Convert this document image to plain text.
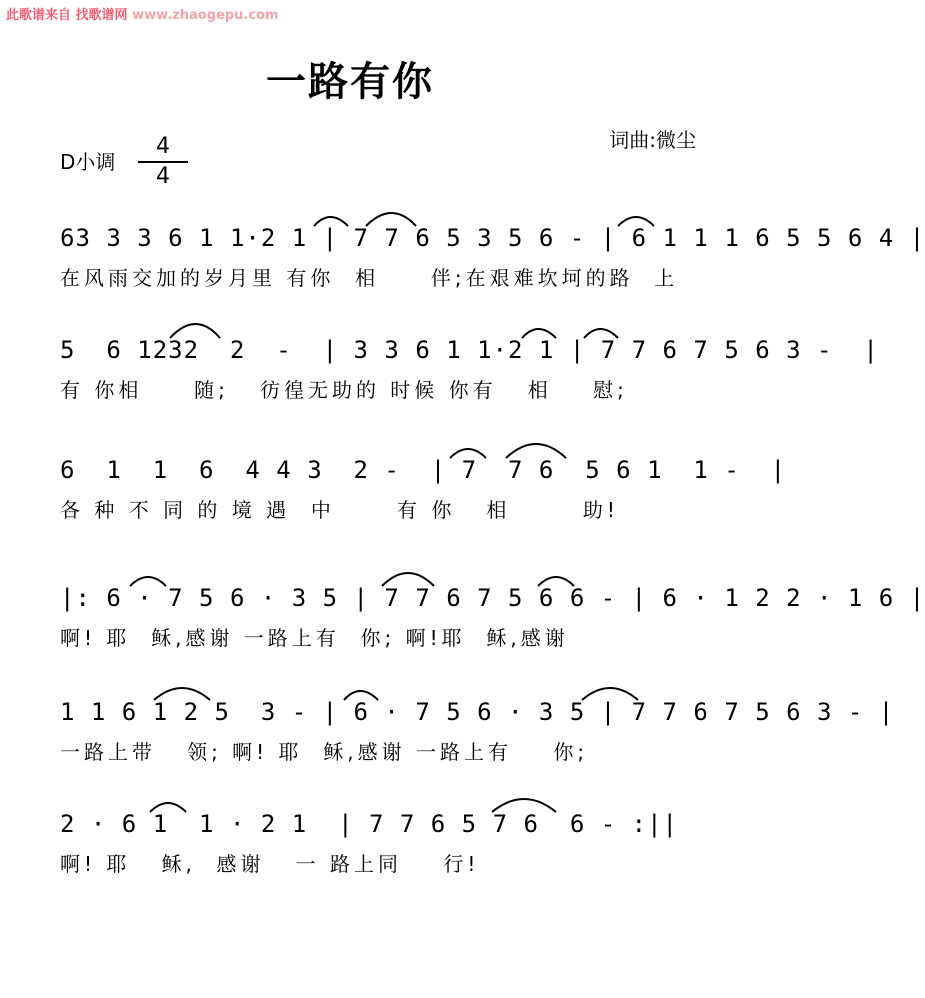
此歌谱来自 找歌谱网 www.zhaogepu.com
一路有你
词曲:微尘
D小调
4
4
63 3 3 6 1 1·2 1 | 7 7 6 5 3 5 6 - | 6 1 1 1 6 5 5 6 4 |
在风雨交加的岁月里 有你  相     伴;在艰难坎坷的路  上
5  6 1232  2  -  | 3 3 6 1 1·2 1 | 7 7 6 7 5 6 3 -  |
有 你相     随;   彷徨无助的 时候 你有   相    慰;
6  1  1  6  4 4 3  2 -  | 7  7 6  5 6 1  1 -  |
各 种 不 同 的 境 遇  中      有 你   相       助!
|: 6 · 7 5 6 · 3 5 | 7 7 6 7 5 6 6 - | 6 · 1 2 2 · 1 6 |
啊! 耶  稣,感谢 一路上有  你; 啊!耶  稣,感谢
1 1 6 1 2 5  3 - | 6 · 7 5 6 · 3 5 | 7 7 6 7 5 6 3 - |
一路上带   领; 啊! 耶  稣,感谢 一路上有    你;
2 · 6 1  1 · 2 1  | 7 7 6 5 7 6  6 - :||
啊! 耶   稣,  感谢   一 路上同    行!
